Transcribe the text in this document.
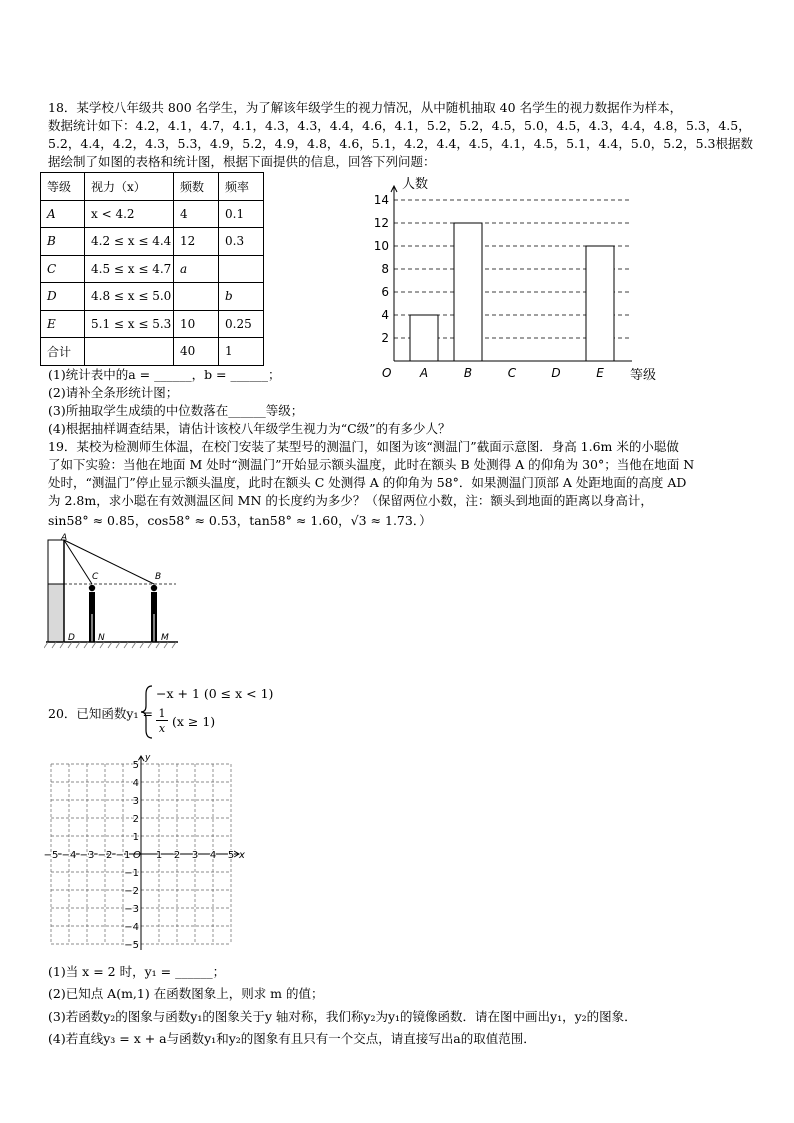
18．某学校八年级共 800 名学生，为了解该年级学生的视力情况，从中随机抽取 40 名学生的视力数据作为样本，
数据统计如下：4.2，4.1，4.7，4.1，4.3，4.3，4.4，4.6，4.1，5.2，5.2，4.5，5.0，4.5，4.3，4.4，4.8，5.3，4.5，
5.2，4.4，4.2，4.3，5.3，4.9，5.2，4.9，4.8，4.6，5.1，4.2，4.4，4.5，4.1，4.5，5.1，4.4，5.0，5.2，5.3根据数
据绘制了如图的表格和统计图，根据下面提供的信息，回答下列问题：
等级	视力（x）	频数	频率
A	x < 4.2	4	0.1
B	4.2 ≤ x ≤ 4.4	12	0.3
C	4.5 ≤ x ≤ 4.7	a	
D	4.8 ≤ x ≤ 5.0		b
E	5.1 ≤ x ≤ 5.3	10	0.25
合计		40	1
2
4
6
8
10
12
14
人数
O	等级
A	B	C	D	E
(1)统计表中的a = ______，b = ______；
(2)请补全条形统计图；
(3)所抽取学生成绩的中位数落在______等级；
(4)根据抽样调查结果，请估计该校八年级学生视力为“C级”的有多少人？
19．某校为检测师生体温，在校门安装了某型号的测温门，如图为该“测温门”截面示意图．身高 1.6m 米的小聪做
了如下实验：当他在地面 M 处时“测温门”开始显示额头温度，此时在额头 B 处测得 A 的仰角为 30°；当他在地面 N
处时，“测温门”停止显示额头温度，此时在额头 C 处测得 A 的仰角为 58°．如果测温门顶部 A 处距地面的高度 AD
为 2.8m，求小聪在有效测温区间 MN 的长度约为多少？（保留两位小数，注：额头到地面的距离以身高计，
sin58° ≈ 0.85，cos58° ≈ 0.53，tan58° ≈ 1.60，√3 ≈ 1.73．）
A
C	B
D	N	M
20．已知函数y₁ =
−x + 1 (0 ≤ x < 1)
1
x (x ≥ 1)
x
y
O
−5 −4 −3 −2 −1	1 2 3 4 5
5
4
3
2
1
−1
−2
−3
−4
−5
(1)当 x = 2 时，y₁ = ______；
(2)已知点 A(m,1) 在函数图象上，则求 m 的值；
(3)若函数y₂的图象与函数y₁的图象关于y 轴对称，我们称y₂为y₁的镜像函数．请在图中画出y₁，y₂的图象．
(4)若直线y₃ = x + a与函数y₁和y₂的图象有且只有一个交点，请直接写出a的取值范围．
